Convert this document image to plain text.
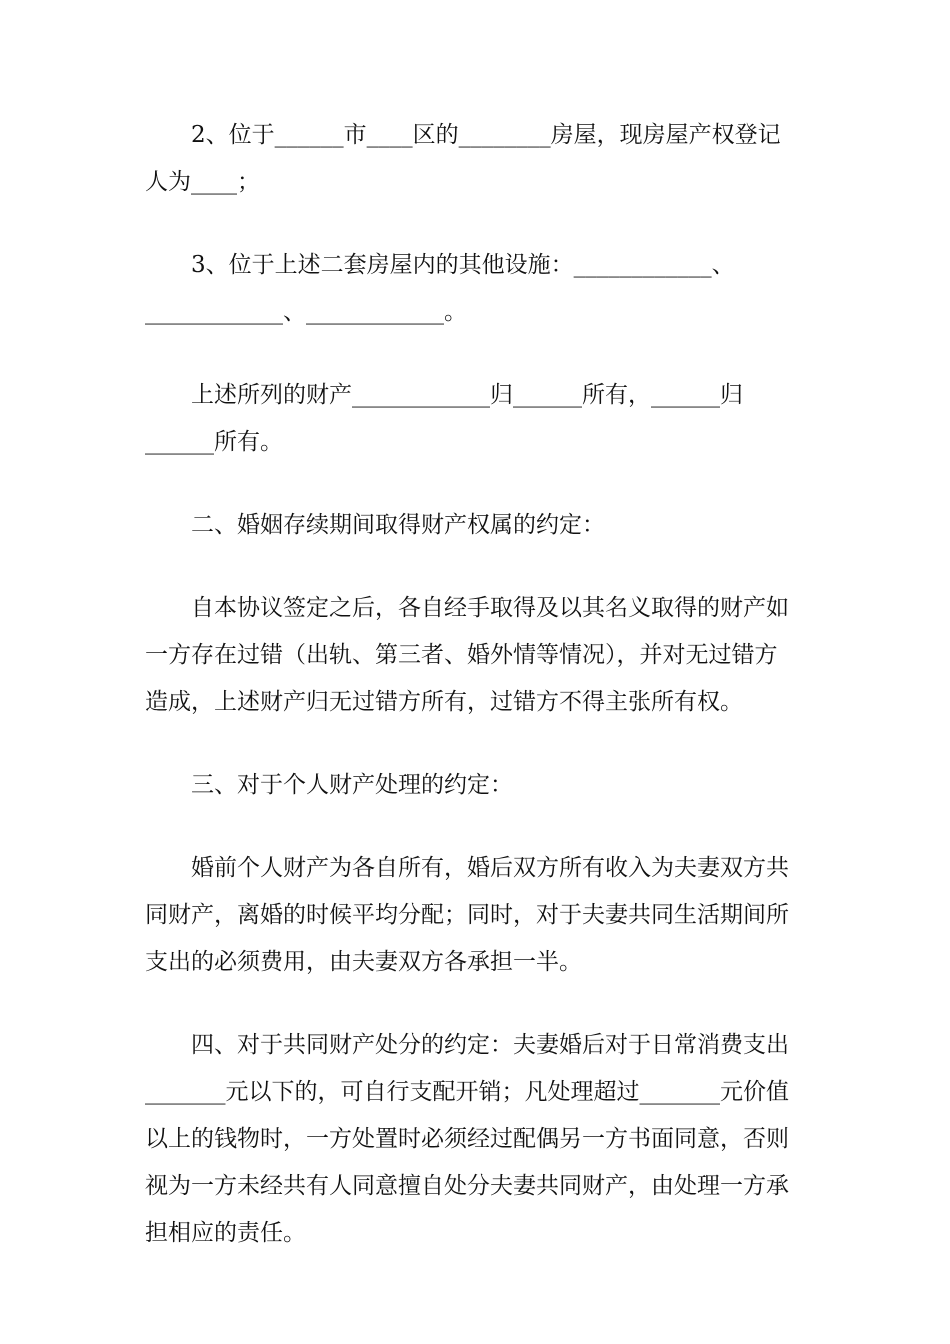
2、位于______市____区的________房屋，现房屋产权登记
人为____；

3、位于上述二套房屋内的其他设施：____________、
____________、____________。

上述所列的财产____________归______所有，______归
______所有。

二、婚姻存续期间取得财产权属的约定：

自本协议签定之后，各自经手取得及以其名义取得的财产如
一方存在过错（出轨、第三者、婚外情等情况），并对无过错方
造成，上述财产归无过错方所有，过错方不得主张所有权。

三、对于个人财产处理的约定：

婚前个人财产为各自所有，婚后双方所有收入为夫妻双方共
同财产，离婚的时候平均分配；同时，对于夫妻共同生活期间所
支出的必须费用，由夫妻双方各承担一半。

四、对于共同财产处分的约定：夫妻婚后对于日常消费支出
_______元以下的，可自行支配开销；凡处理超过_______元价值
以上的钱物时，一方处置时必须经过配偶另一方书面同意，否则
视为一方未经共有人同意擅自处分夫妻共同财产，由处理一方承
担相应的责任。
